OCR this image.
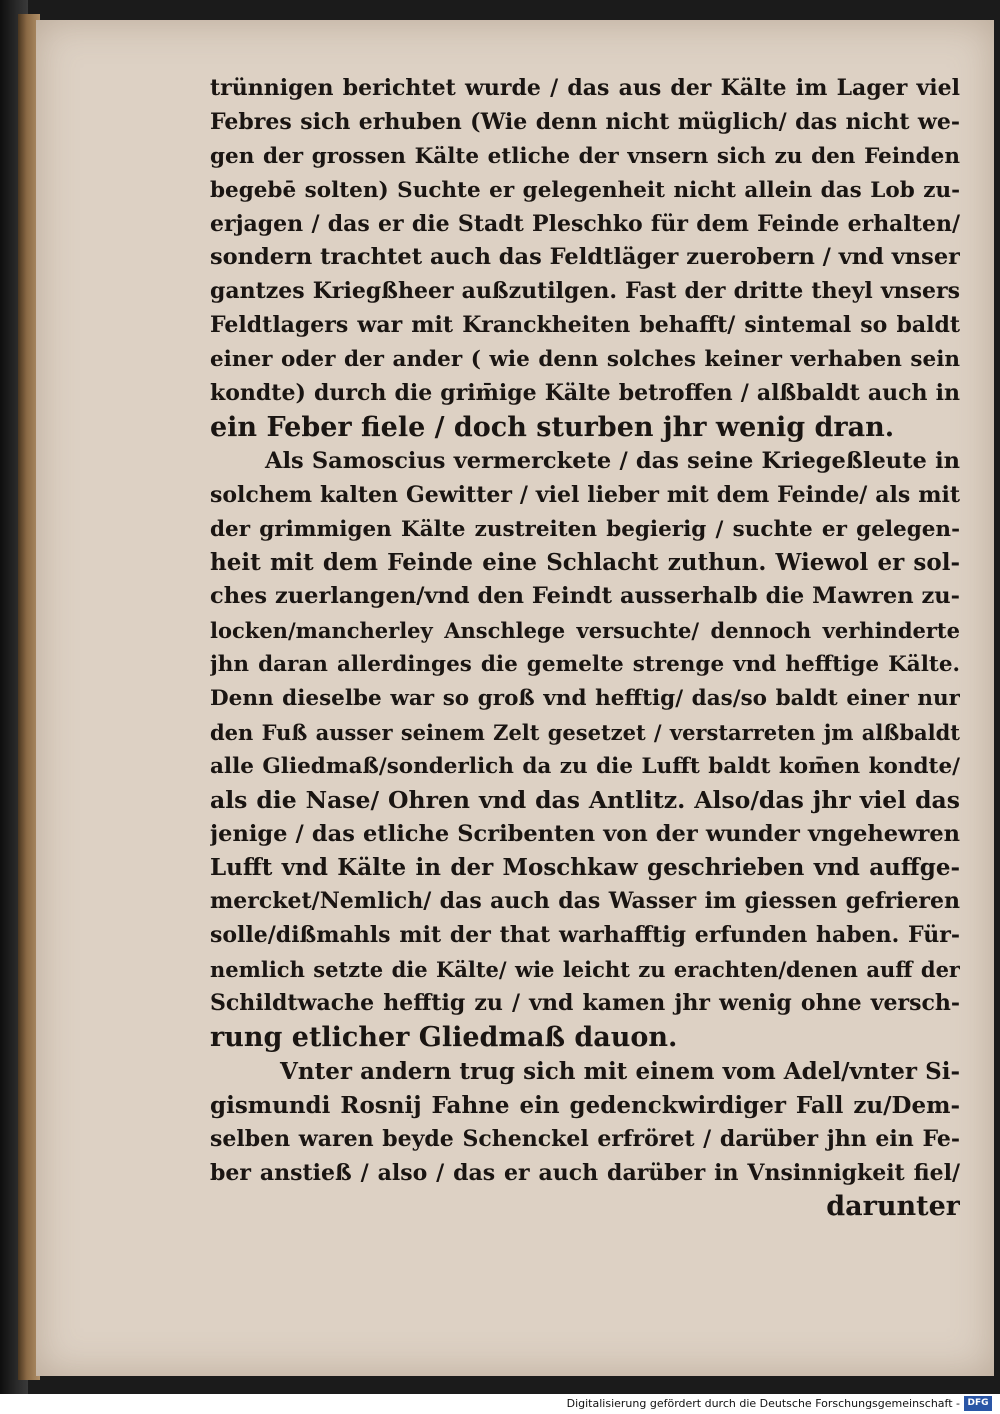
trünnigen berichtet wurde / das aus der Kälte im Lager viel
Febres sich erhuben (Wie denn nicht müglich/ das nicht we-
gen der grossen Kälte etliche der vnsern sich zu den Feinden
begebē solten) Suchte er gelegenheit nicht allein das Lob zu-
erjagen / das er die Stadt Pleschko für dem Feinde erhalten/
sondern trachtet auch das Feldtläger zuerobern / vnd vnser
gantzes Kriegßheer außzutilgen. Fast der dritte theyl vnsers
Feldtlagers war mit Kranckheiten behafft/ sintemal so baldt
einer oder der ander ( wie denn solches keiner verhaben sein
kondte) durch die grim̄ige Kälte betroffen / alßbaldt auch in
ein Feber fiele / doch sturben jhr wenig dran.
Als Samoscius vermerckete / das seine Kriegeßleute in
solchem kalten Gewitter / viel lieber mit dem Feinde/ als mit
der grimmigen Kälte zustreiten begierig / suchte er gelegen-
heit mit dem Feinde eine Schlacht zuthun. Wiewol er sol-
ches zuerlangen/vnd den Feindt ausserhalb die Mawren zu-
locken/mancherley Anschlege versuchte/ dennoch verhinderte
jhn daran allerdinges die gemelte strenge vnd hefftige Kälte.
Denn dieselbe war so groß vnd hefftig/ das/so baldt einer nur
den Fuß ausser seinem Zelt gesetzet / verstarreten jm alßbaldt
alle Gliedmaß/sonderlich da zu die Lufft baldt kom̄en kondte/
als die Nase/ Ohren vnd das Antlitz. Also/das jhr viel das
jenige / das etliche Scribenten von der wunder vngehewren
Lufft vnd Kälte in der Moschkaw geschrieben vnd auffge-
mercket/Nemlich/ das auch das Wasser im giessen gefrieren
solle/dißmahls mit der that warhafftig erfunden haben. Für-
nemlich setzte die Kälte/ wie leicht zu erachten/denen auff der
Schildtwache hefftig zu / vnd kamen jhr wenig ohne versch-
rung etlicher Gliedmaß dauon.
Vnter andern trug sich mit einem vom Adel/vnter Si-
gismundi Rosnij Fahne ein gedenckwirdiger Fall zu/Dem-
selben waren beyde Schenckel erfröret / darüber jhn ein Fe-
ber anstieß / also / das er auch darüber in Vnsinnigkeit fiel/
darunter
Digitalisierung gefördert durch die Deutsche Forschungsgemeinschaft - DFG
